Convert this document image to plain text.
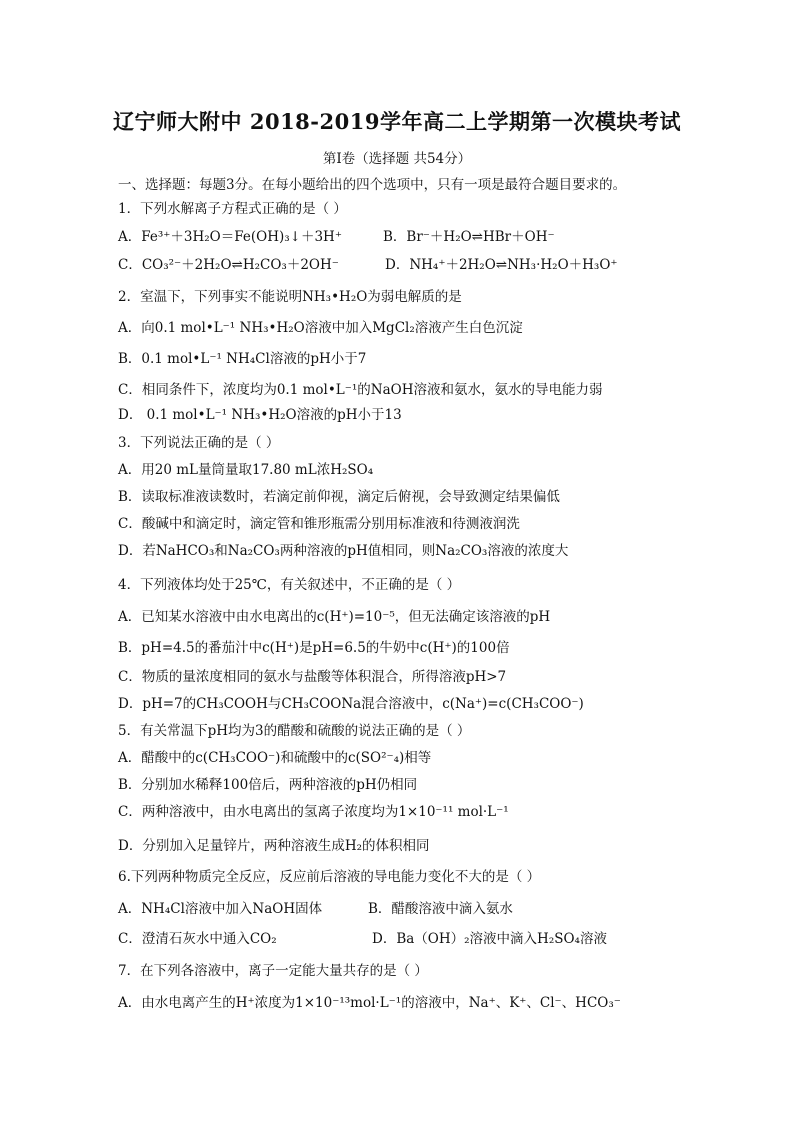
辽宁师大附中 2018-2019学年高二上学期第一次模块考试
第Ⅰ卷（选择题 共54分）
一、选择题：每题3分。在每小题给出的四个选项中，只有一项是最符合题目要求的。
1．下列水解离子方程式正确的是（ ）
A．Fe³⁺＋3H₂O＝Fe(OH)₃↓＋3H⁺	B．Br⁻＋H₂O⇌HBr＋OH⁻
C．CO₃²⁻＋2H₂O⇌H₂CO₃＋2OH⁻	D．NH₄⁺＋2H₂O⇌NH₃·H₂O＋H₃O⁺
2．室温下，下列事实不能说明NH₃•H₂O为弱电解质的是
A．向0.1 mol•L⁻¹ NH₃•H₂O溶液中加入MgCl₂溶液产生白色沉淀
B．0.1 mol•L⁻¹ NH₄Cl溶液的pH小于7
C．相同条件下，浓度均为0.1 mol•L⁻¹的NaOH溶液和氨水，氨水的导电能力弱
D． 0.1 mol•L⁻¹ NH₃•H₂O溶液的pH小于13
3．下列说法正确的是（ ）
A．用20 mL量筒量取17.80 mL浓H₂SO₄
B．读取标准液读数时，若滴定前仰视，滴定后俯视，会导致测定结果偏低
C．酸碱中和滴定时，滴定管和锥形瓶需分别用标准液和待测液润洗
D．若NaHCO₃和Na₂CO₃两种溶液的pH值相同，则Na₂CO₃溶液的浓度大
4．下列液体均处于25℃，有关叙述中，不正确的是（ ）
A．已知某水溶液中由水电离出的c(H⁺)=10⁻⁵，但无法确定该溶液的pH
B．pH=4.5的番茄汁中c(H⁺)是pH=6.5的牛奶中c(H⁺)的100倍
C．物质的量浓度相同的氨水与盐酸等体积混合，所得溶液pH>7
D．pH=7的CH₃COOH与CH₃COONa混合溶液中，c(Na⁺)=c(CH₃COO⁻)
5．有关常温下pH均为3的醋酸和硫酸的说法正确的是（ ）
A．醋酸中的c(CH₃COO⁻)和硫酸中的c(SO²⁻₄)相等
B．分别加水稀释100倍后，两种溶液的pH仍相同
C．两种溶液中，由水电离出的氢离子浓度均为1×10⁻¹¹ mol·L⁻¹
D．分别加入足量锌片，两种溶液生成H₂的体积相同
6.下列两种物质完全反应，反应前后溶液的导电能力变化不大的是（ ）
A．NH₄Cl溶液中加入NaOH固体	B．醋酸溶液中滴入氨水
C．澄清石灰水中通入CO₂	D．Ba（OH）₂溶液中滴入H₂SO₄溶液
7．在下列各溶液中，离子一定能大量共存的是（ ）
A．由水电离产生的H⁺浓度为1×10⁻¹³mol·L⁻¹的溶液中，Na⁺、K⁺、Cl⁻、HCO₃⁻
